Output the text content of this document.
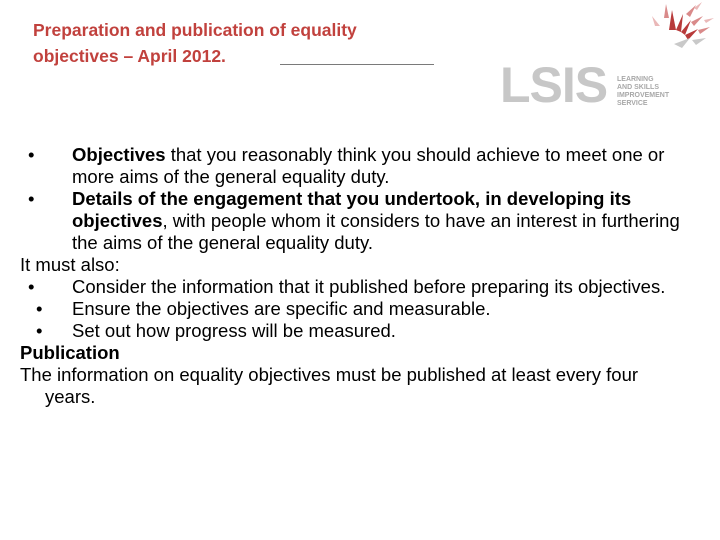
Preparation and publication of equality
objectives – April 2012.
LSIS LEARNING
AND SKILLS
IMPROVEMENT
SERVICE
• Objectives that you reasonably think you should achieve to meet one or more aims of the general equality duty.
• Details of the engagement that you undertook, in developing its objectives, with people whom it considers to have an interest in furthering the aims of the general equality duty.
It must also:
• Consider the information that it published before preparing its objectives.
• Ensure the objectives are specific and measurable.
• Set out how progress will be measured.
Publication
The information on equality objectives must be published at least every four years.
